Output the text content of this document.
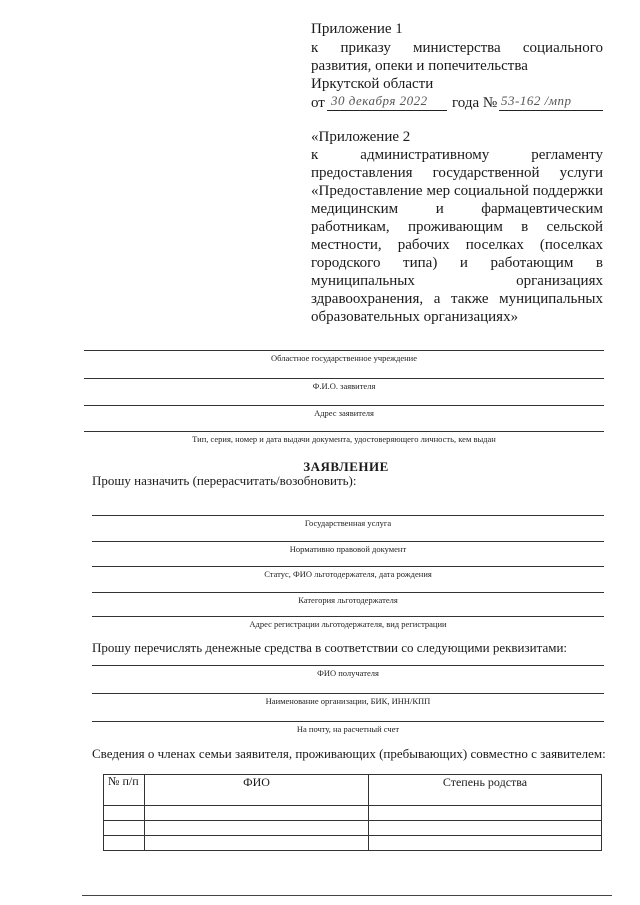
Приложение 1
к приказу министерства социального
развития, опеки и попечительства
Иркутской области
от 30 декабря 2022 года № 53-162 /мпр
«Приложение 2
к административному регламенту
предоставления государственной услуги
«Предоставление мер социальной поддержки
медицинским и фармацевтическим
работникам, проживающим в сельской
местности, рабочих поселках (поселках
городского типа) и работающим в
муниципальных организациях
здравоохранения, а также муниципальных
образовательных организациях»
Областное государственное учреждение
Ф.И.О. заявителя
Адрес заявителя
Тип, серия, номер и дата выдачи документа, удостоверяющего личность, кем выдан
ЗАЯВЛЕНИЕ
Прошу назначить (перерасчитать/возобновить):
Государственная услуга
Нормативно правовой документ
Статус, ФИО льготодержателя, дата рождения
Категория льготодержателя
Адрес регистрации льготодержателя, вид регистрации
Прошу перечислять денежные средства в соответствии со следующими реквизитами:
ФИО получателя
Наименование организации, БИК, ИНН/КПП
На почту, на расчетный счет
Сведения о членах семьи заявителя, проживающих (пребывающих) совместно с заявителем:
№ п/п	ФИО	Степень родства
